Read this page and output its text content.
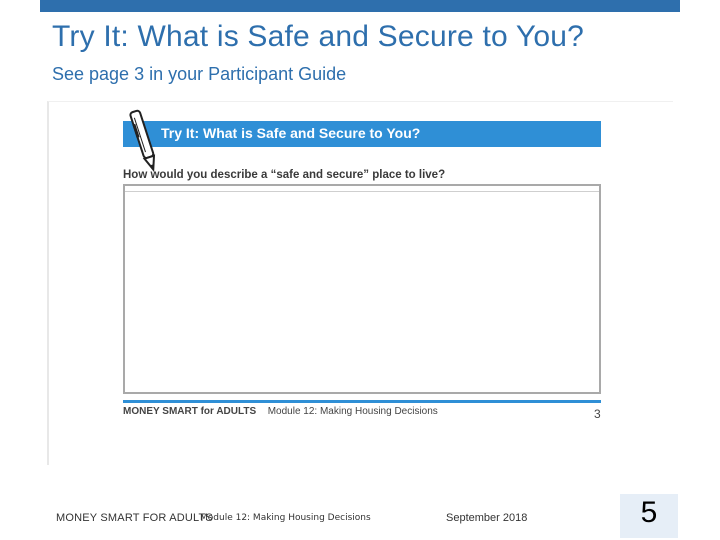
Try It: What is Safe and Secure to You?
See page 3 in your Participant Guide
Try It: What is Safe and Secure to You?
How would you describe a “safe and secure” place to live?
MONEY SMART for ADULTS Module 12: Making Housing Decisions	3
MONEY SMART FOR ADULTS
Module 12: Making Housing Decisions	September 2018	5
